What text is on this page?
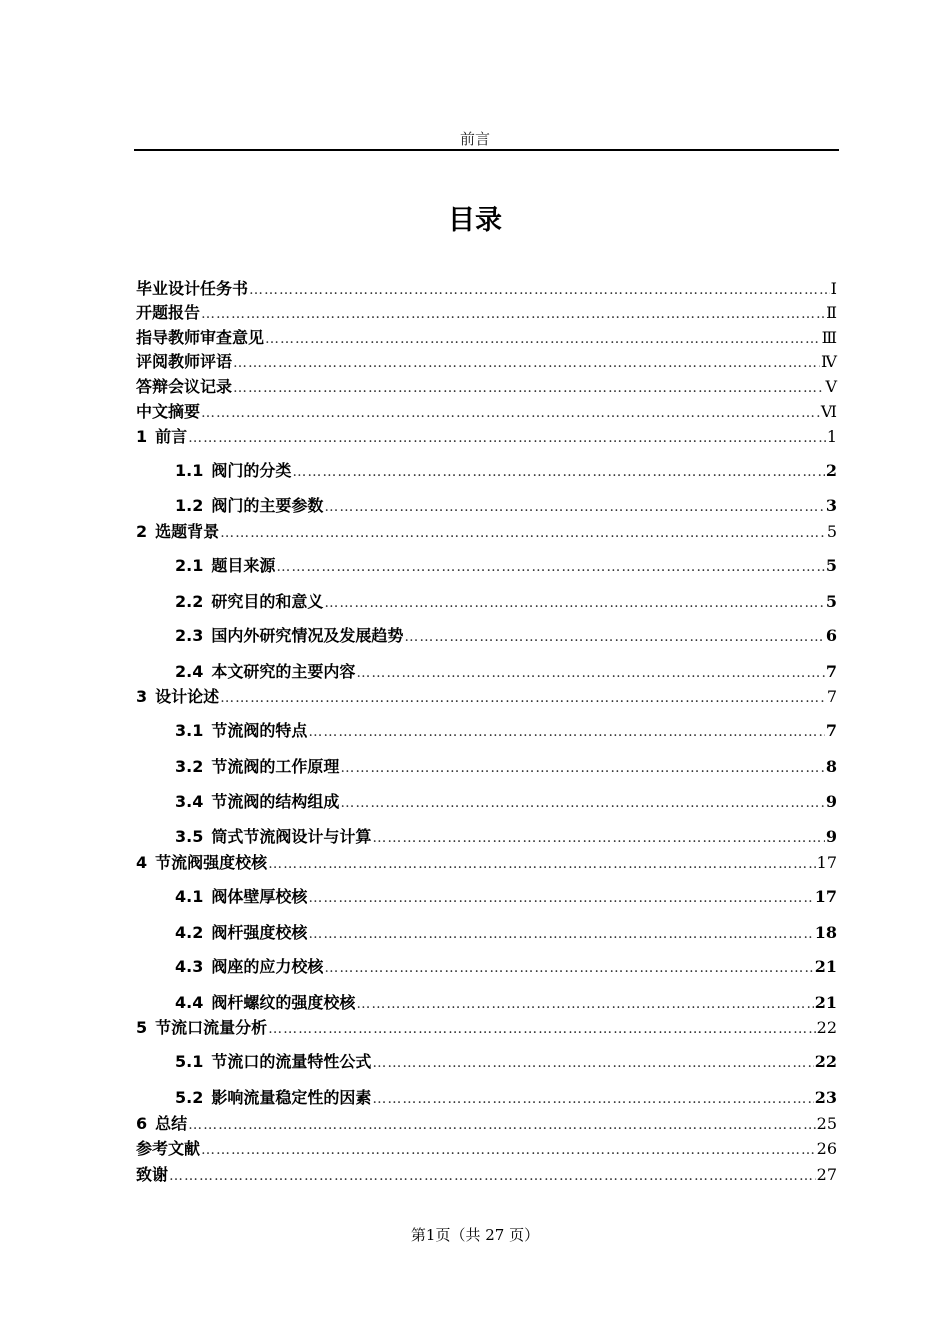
前言
目录
毕业设计任务书 ………………………………………………………………………………………………………………………………………………………………………………	Ⅰ
开题报告 ………………………………………………………………………………………………………………………………………………………………………………	Ⅱ
指导教师审查意见 ………………………………………………………………………………………………………………………………………………………………………………	Ⅲ
评阅教师评语 ………………………………………………………………………………………………………………………………………………………………………………	Ⅳ
答辩会议记录 ………………………………………………………………………………………………………………………………………………………………………………	Ⅴ
中文摘要 ………………………………………………………………………………………………………………………………………………………………………………	Ⅵ
1 前言 ………………………………………………………………………………………………………………………………………………………………………………	1
1.1 阀门的分类 ………………………………………………………………………………………………………………………………………………………………………………	2
1.2 阀门的主要参数 ………………………………………………………………………………………………………………………………………………………………………………	3
2 选题背景 ………………………………………………………………………………………………………………………………………………………………………………	5
2.1 题目来源 ………………………………………………………………………………………………………………………………………………………………………………	5
2.2 研究目的和意义 ………………………………………………………………………………………………………………………………………………………………………………	5
2.3 国内外研究情况及发展趋势 ………………………………………………………………………………………………………………………………………………………………………………	6
2.4 本文研究的主要内容 ………………………………………………………………………………………………………………………………………………………………………………	7
3 设计论述 ………………………………………………………………………………………………………………………………………………………………………………	7
3.1 节流阀的特点 ………………………………………………………………………………………………………………………………………………………………………………	7
3.2 节流阀的工作原理 ………………………………………………………………………………………………………………………………………………………………………………	8
3.4 节流阀的结构组成 ………………………………………………………………………………………………………………………………………………………………………………	9
3.5 筒式节流阀设计与计算 ………………………………………………………………………………………………………………………………………………………………………………	9
4 节流阀强度校核 ………………………………………………………………………………………………………………………………………………………………………………	17
4.1 阀体壁厚校核 ………………………………………………………………………………………………………………………………………………………………………………	17
4.2 阀杆强度校核 ………………………………………………………………………………………………………………………………………………………………………………	18
4.3 阀座的应力校核 ………………………………………………………………………………………………………………………………………………………………………………	21
4.4 阀杆螺纹的强度校核 ………………………………………………………………………………………………………………………………………………………………………………	21
5 节流口流量分析 ………………………………………………………………………………………………………………………………………………………………………………	22
5.1 节流口的流量特性公式 ………………………………………………………………………………………………………………………………………………………………………………	22
5.2 影响流量稳定性的因素 ………………………………………………………………………………………………………………………………………………………………………………	23
6 总结 ………………………………………………………………………………………………………………………………………………………………………………	25
参考文献 ………………………………………………………………………………………………………………………………………………………………………………	26
致谢 ………………………………………………………………………………………………………………………………………………………………………………	27
第1页（共 27 页）
